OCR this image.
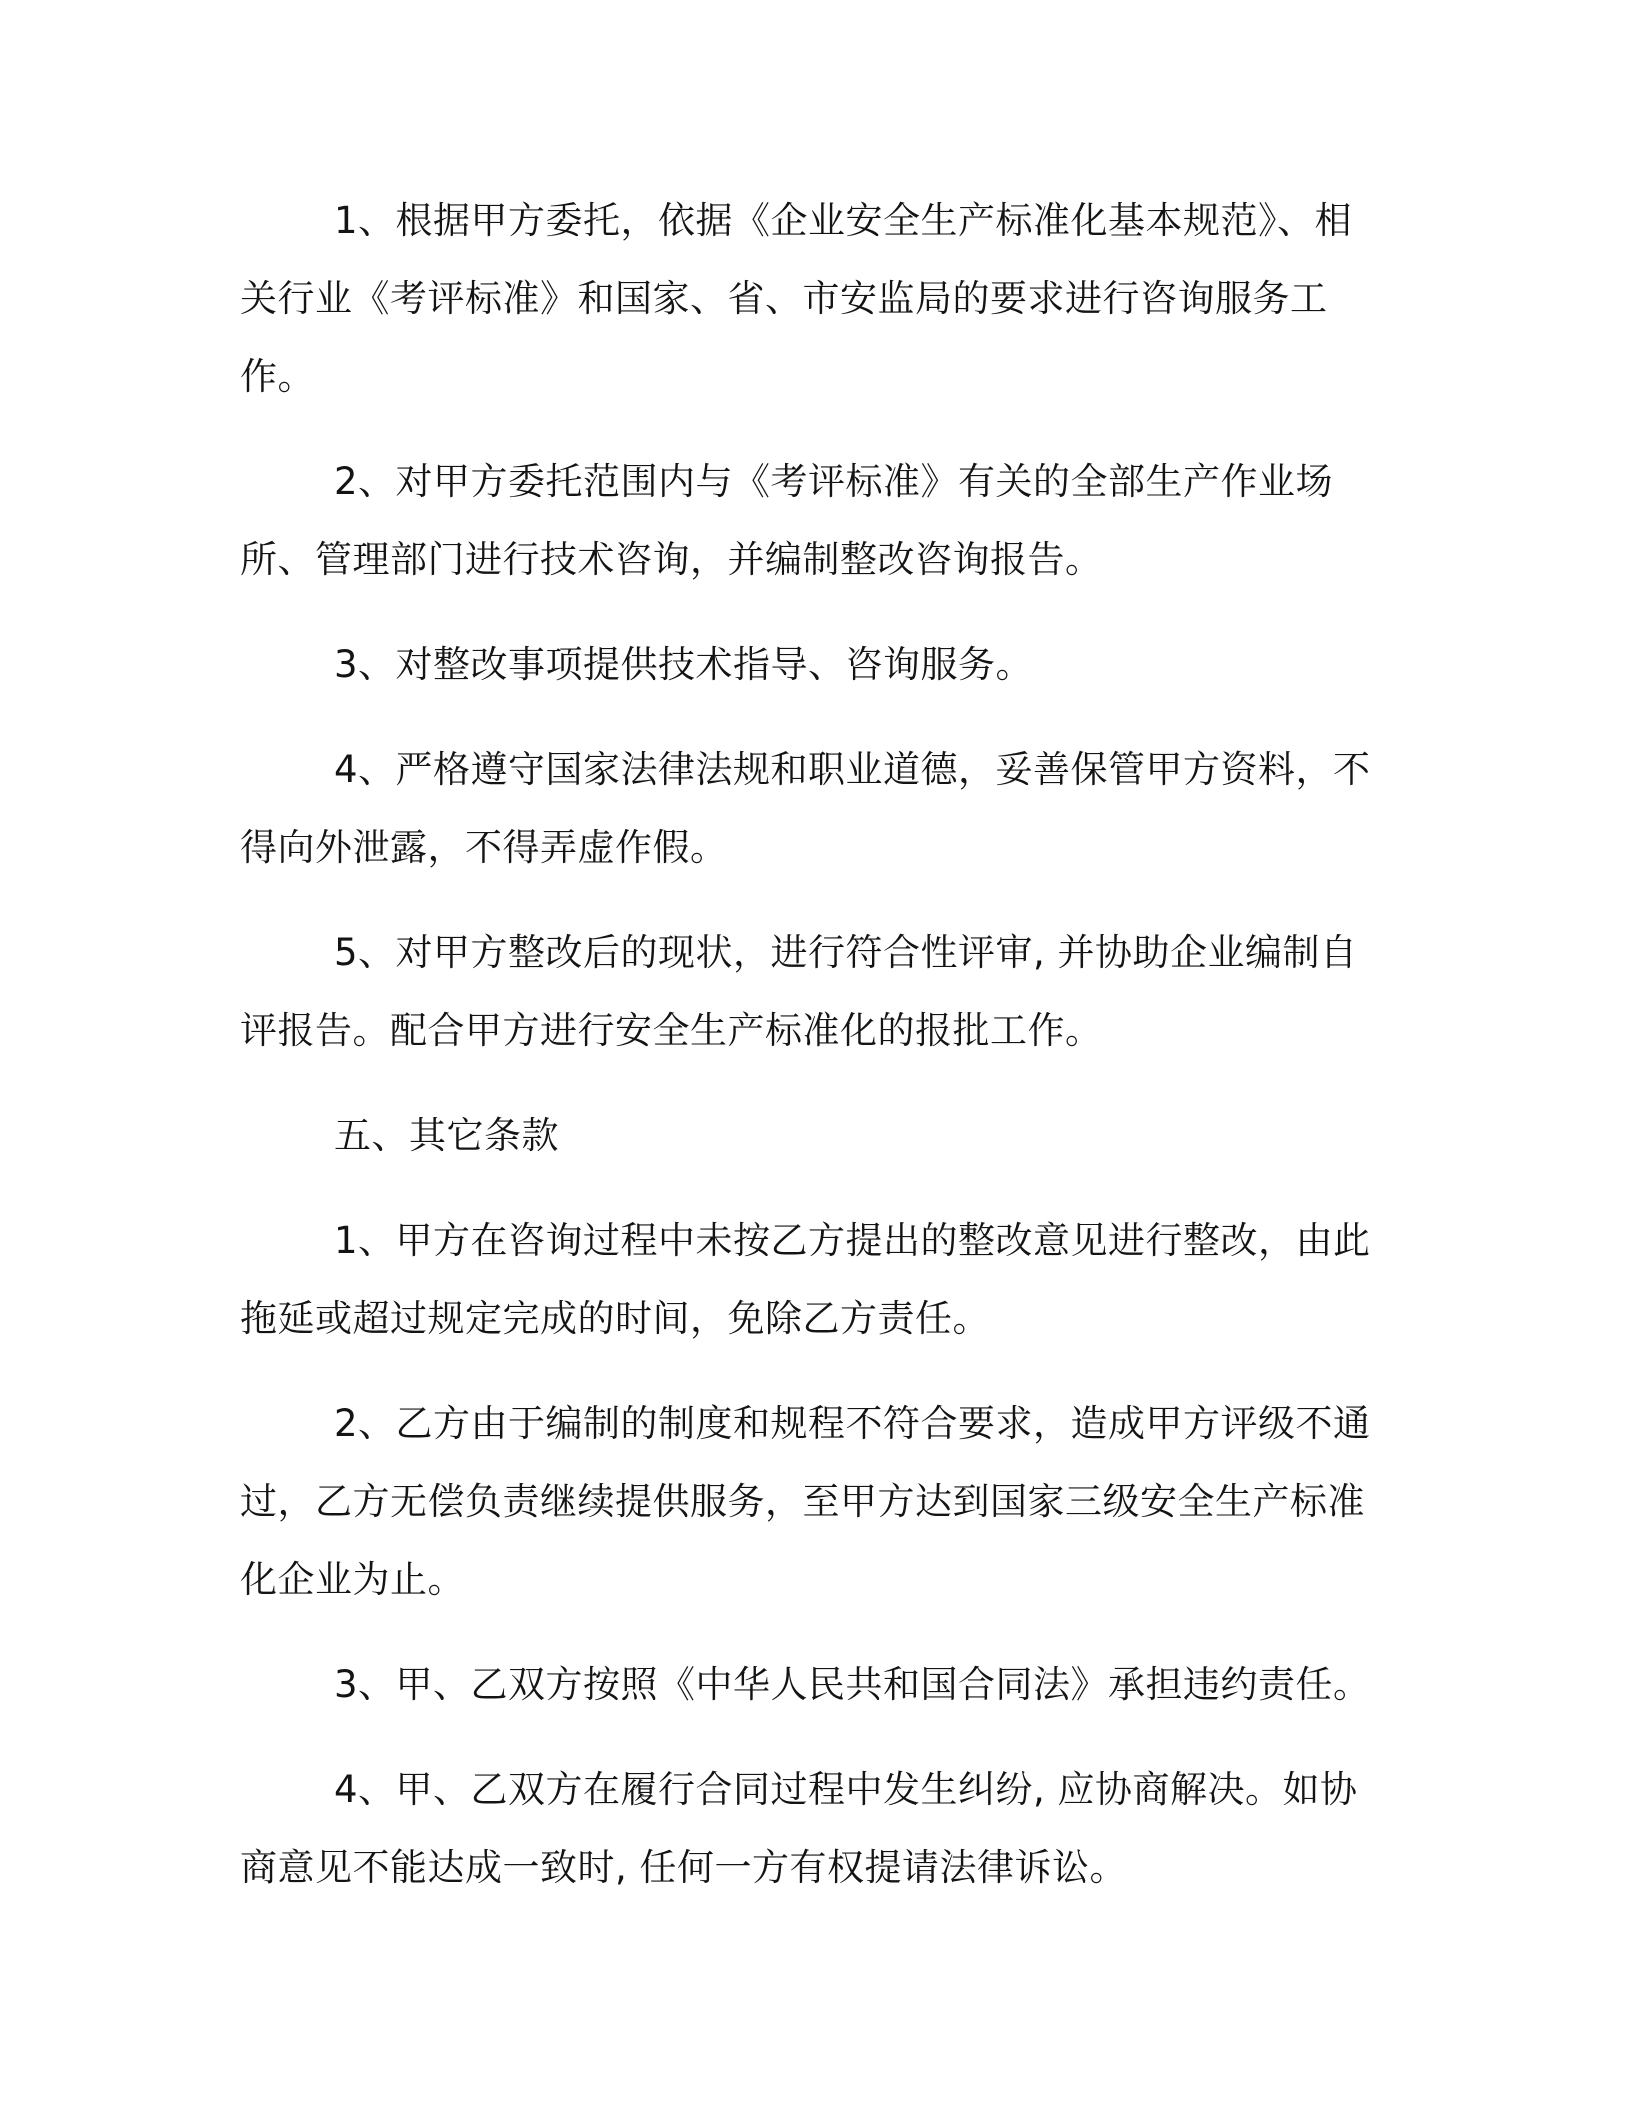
1、根据甲方委托，依据《企业安全生产标准化基本规范》、相关行业《考评标准》和国家、省、市安监局的要求进行咨询服务工作。

2、对甲方委托范围内与《考评标准》有关的全部生产作业场所、管理部门进行技术咨询，并编制整改咨询报告。

3、对整改事项提供技术指导、咨询服务。

4、严格遵守国家法律法规和职业道德，妥善保管甲方资料，不得向外泄露，不得弄虚作假。

5、对甲方整改后的现状，进行符合性评审, 并协助企业编制自评报告。配合甲方进行安全生产标准化的报批工作。

五、其它条款

1、甲方在咨询过程中未按乙方提出的整改意见进行整改，由此拖延或超过规定完成的时间，免除乙方责任。

2、乙方由于编制的制度和规程不符合要求，造成甲方评级不通过，乙方无偿负责继续提供服务，至甲方达到国家三级安全生产标准化企业为止。

3、甲、乙双方按照《中华人民共和国合同法》承担违约责任。

4、甲、乙双方在履行合同过程中发生纠纷, 应协商解决。如协商意见不能达成一致时, 任何一方有权提请法律诉讼。
